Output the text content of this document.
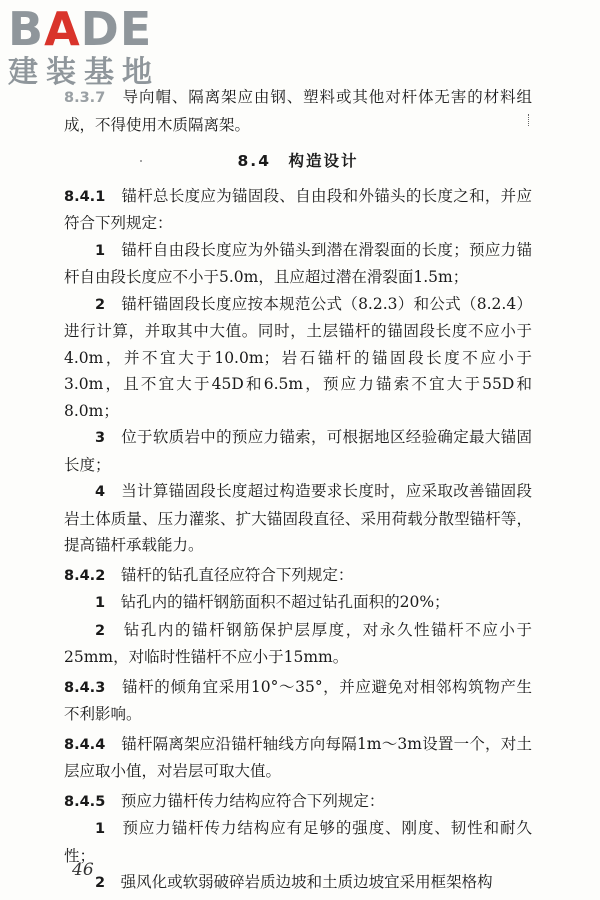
BADE
建装基地

8.3.7　 导向帽、隔离架应由钢、塑料或其他对杆体无害的材料组成，不得使用木质隔离架。

8.4　构造设计

8.4.1　 锚杆总长度应为锚固段、自由段和外锚头的长度之和，并应符合下列规定：

1　 锚杆自由段长度应为外锚头到潜在滑裂面的长度；预应力锚杆自由段长度应不小于5.0m，且应超过潜在滑裂面1.5m；

2　 锚杆锚固段长度应按本规范公式（8.2.3）和公式（8.2.4）进行计算，并取其中大值。同时，土层锚杆的锚固段长度不应小于4.0m，并不宜大于10.0m；岩石锚杆的锚固段长度不应小于3.0m，且不宜大于45D和6.5m，预应力锚索不宜大于55D和8.0m；

3　 位于软质岩中的预应力锚索，可根据地区经验确定最大锚固长度；

4　 当计算锚固段长度超过构造要求长度时，应采取改善锚固段岩土体质量、压力灌浆、扩大锚固段直径、采用荷载分散型锚杆等，提高锚杆承载能力。

8.4.2　 锚杆的钻孔直径应符合下列规定：

1　 钻孔内的锚杆钢筋面积不超过钻孔面积的20%；

2　 钻孔内的锚杆钢筋保护层厚度，对永久性锚杆不应小于25mm，对临时性锚杆不应小于15mm。

8.4.3　 锚杆的倾角宜采用10°～35°，并应避免对相邻构筑物产生不利影响。

8.4.4　 锚杆隔离架应沿锚杆轴线方向每隔1m～3m设置一个，对土层应取小值，对岩层可取大值。

8.4.5　 预应力锚杆传力结构应符合下列规定：

1　 预应力锚杆传力结构应有足够的强度、刚度、韧性和耐久性；

2　 强风化或软弱破碎岩质边坡和土质边坡宜采用框架格构

46
